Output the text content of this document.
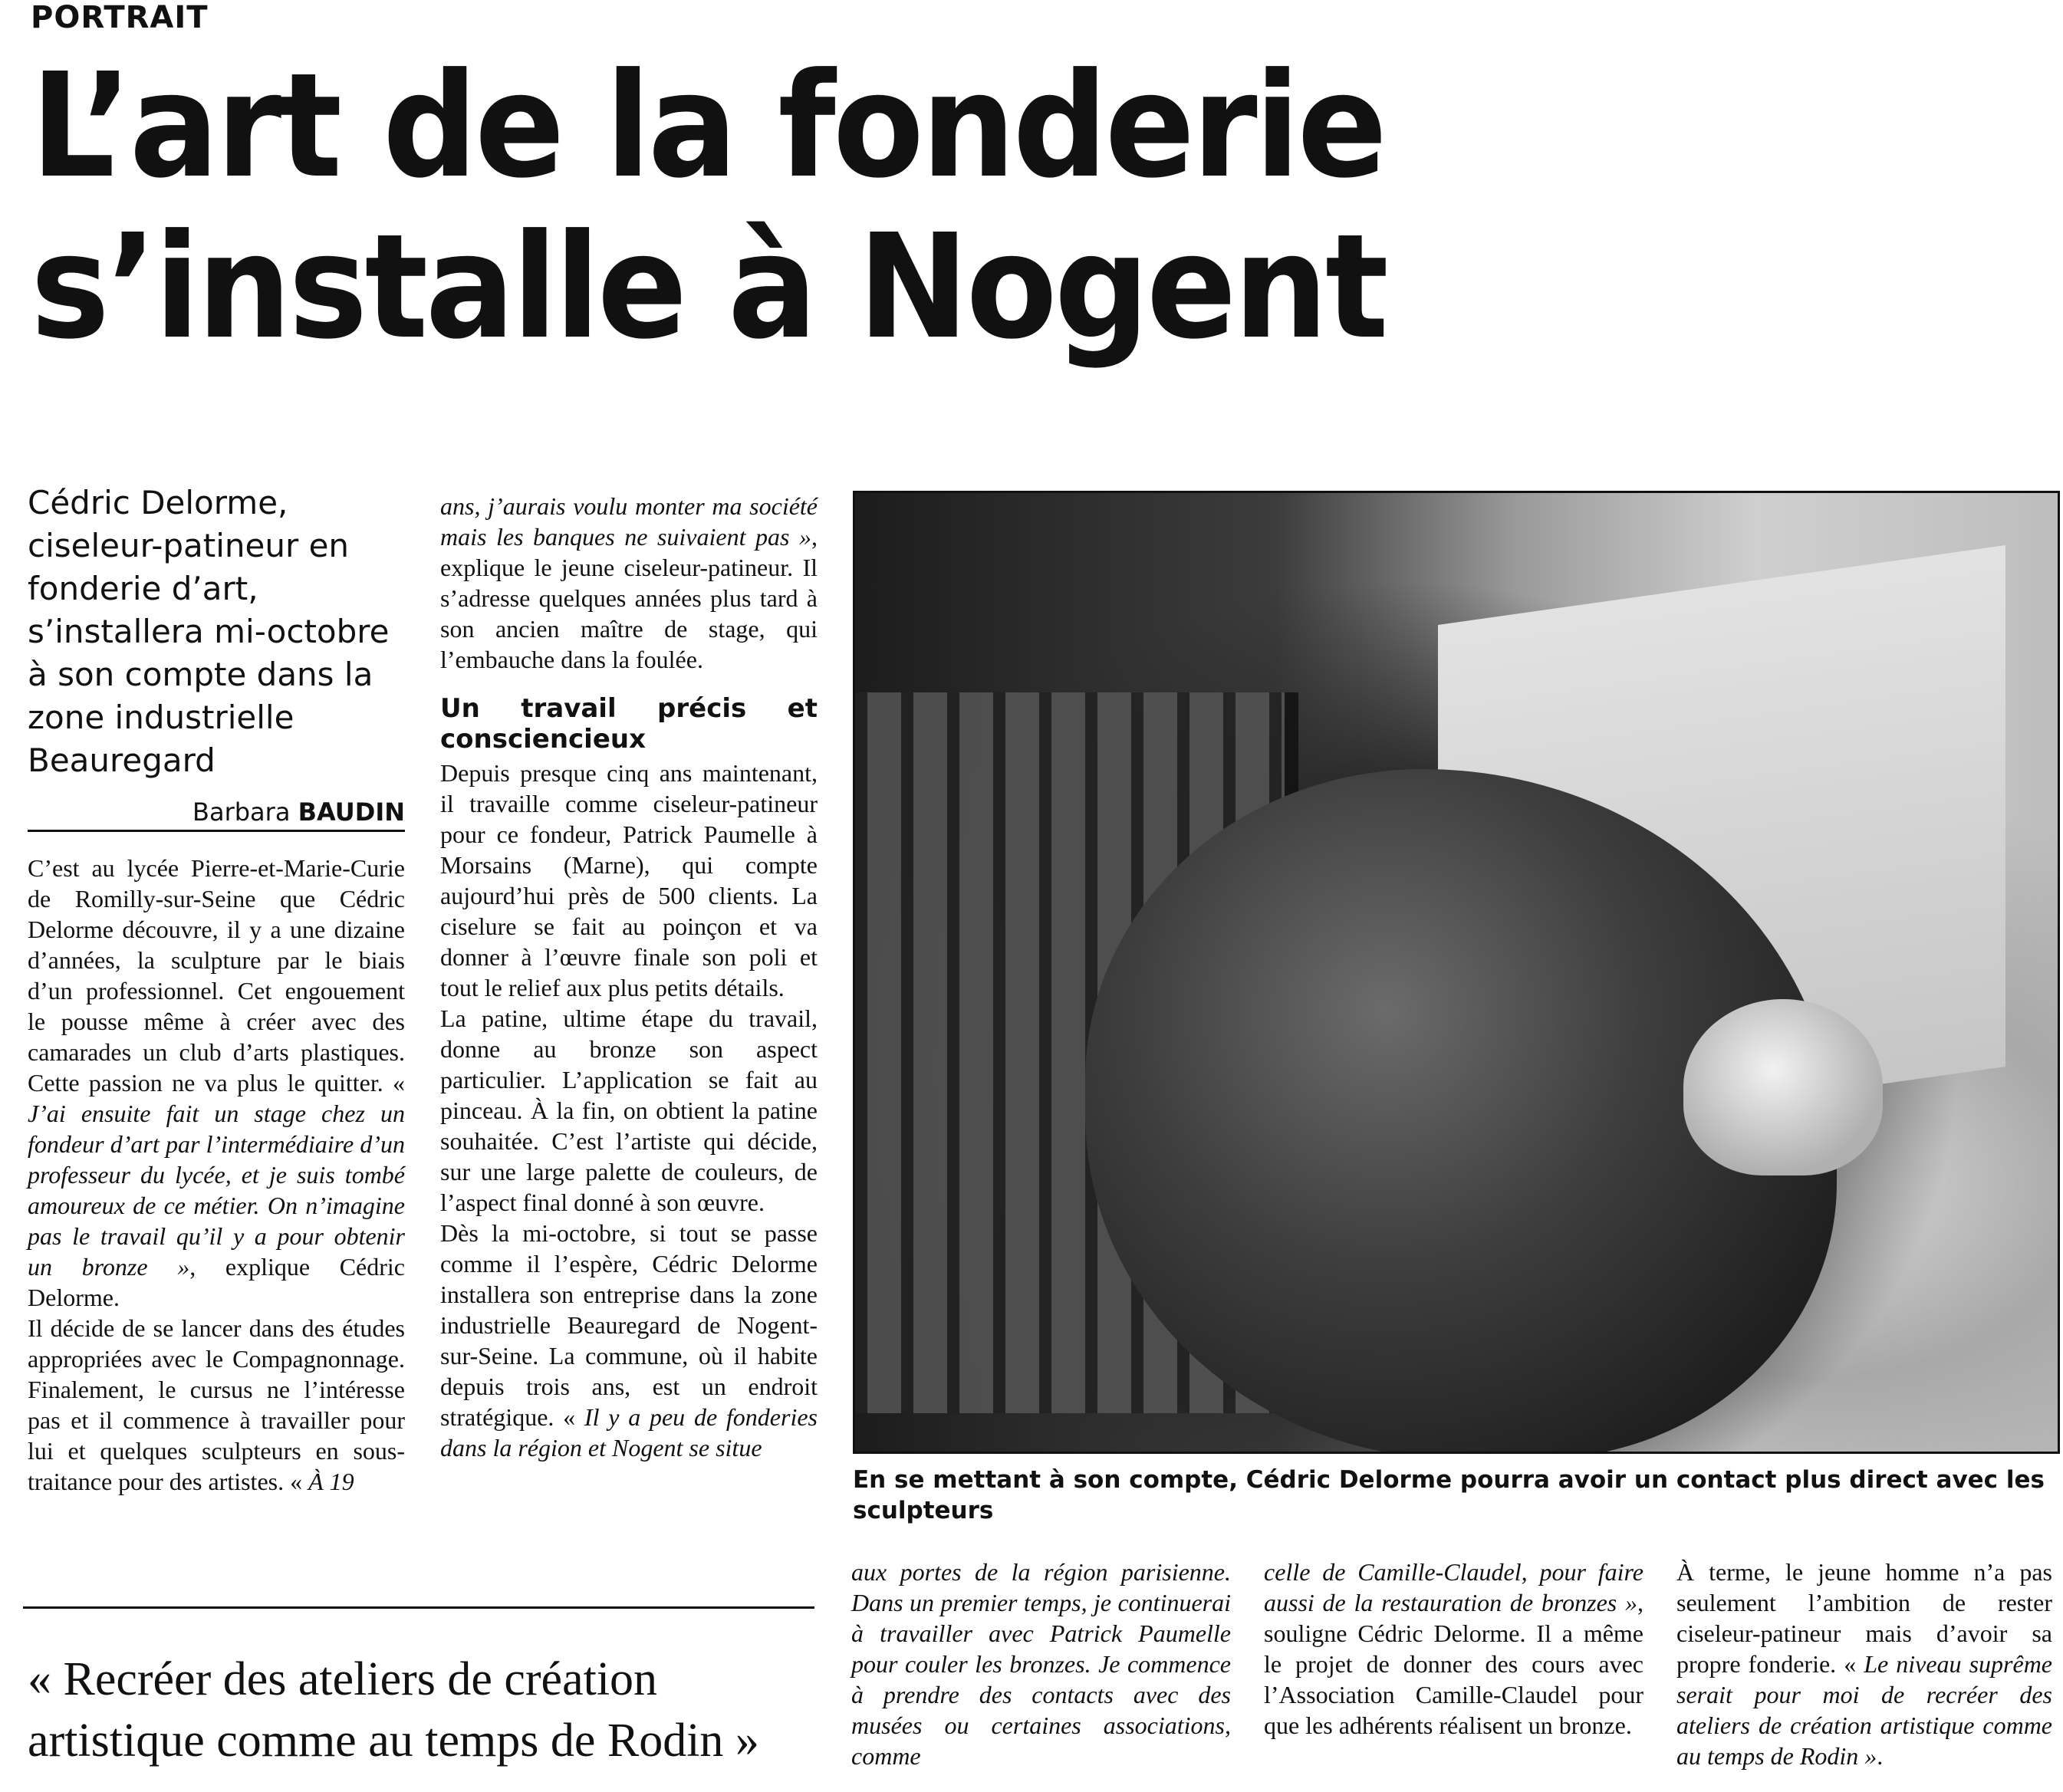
PORTRAIT
L’art de la fonderie
s’installe à Nogent
Cédric Delorme, ciseleur-patineur en fonderie d’art, s’installera mi-octobre à son compte dans la zone industrielle Beauregard
Barbara BAUDIN

C’est au lycée Pierre-et-Marie-Curie de Romilly-sur-Seine que Cédric Delorme découvre, il y a une dizaine d’années, la sculpture par le biais d’un professionnel. Cet engouement le pousse même à créer avec des camarades un club d’arts plastiques. Cette passion ne va plus le quitter. « J’ai ensuite fait un stage chez un fondeur d’art par l’intermédiaire d’un professeur du lycée, et je suis tombé amoureux de ce métier. On n’imagine pas le travail qu’il y a pour obtenir un bronze », explique Cédric Delorme.

Il décide de se lancer dans des études appropriées avec le Compagnonnage. Finalement, le cursus ne l’intéresse pas et il commence à travailler pour lui et quelques sculpteurs en sous-traitance pour des artistes. « À 19

ans, j’aurais voulu monter ma société mais les banques ne suivaient pas », explique le jeune ciseleur-patineur. Il s’adresse quelques années plus tard à son ancien maître de stage, qui l’embauche dans la foulée.

Un travail précis et consciencieux

Depuis presque cinq ans maintenant, il travaille comme ciseleur-patineur pour ce fondeur, Patrick Paumelle à Morsains (Marne), qui compte aujourd’hui près de 500 clients. La ciselure se fait au poinçon et va donner à l’œuvre finale son poli et tout le relief aux plus petits détails.

La patine, ultime étape du travail, donne au bronze son aspect particulier. L’application se fait au pinceau. À la fin, on obtient la patine souhaitée. C’est l’artiste qui décide, sur une large palette de couleurs, de l’aspect final donné à son œuvre.

Dès la mi-octobre, si tout se passe comme il l’espère, Cédric Delorme installera son entreprise dans la zone industrielle Beauregard de Nogent-sur-Seine. La commune, où il habite depuis trois ans, est un endroit stratégique. « Il y a peu de fonderies dans la région et Nogent se situe

En se mettant à son compte, Cédric Delorme pourra avoir un contact plus direct avec les sculpteurs

aux portes de la région parisienne. Dans un premier temps, je continuerai à travailler avec Patrick Paumelle pour couler les bronzes. Je commence à prendre des contacts avec des musées ou certaines associations, comme

celle de Camille-Claudel, pour faire aussi de la restauration de bronzes », souligne Cédric Delorme. Il a même le projet de donner des cours avec l’Association Camille-Claudel pour que les adhérents réalisent un bronze.

À terme, le jeune homme n’a pas seulement l’ambition de rester ciseleur-patineur mais d’avoir sa propre fonderie. « Le niveau suprême serait pour moi de recréer des ateliers de création artistique comme au temps de Rodin ».

« Recréer des ateliers de création artistique comme au temps de Rodin »
